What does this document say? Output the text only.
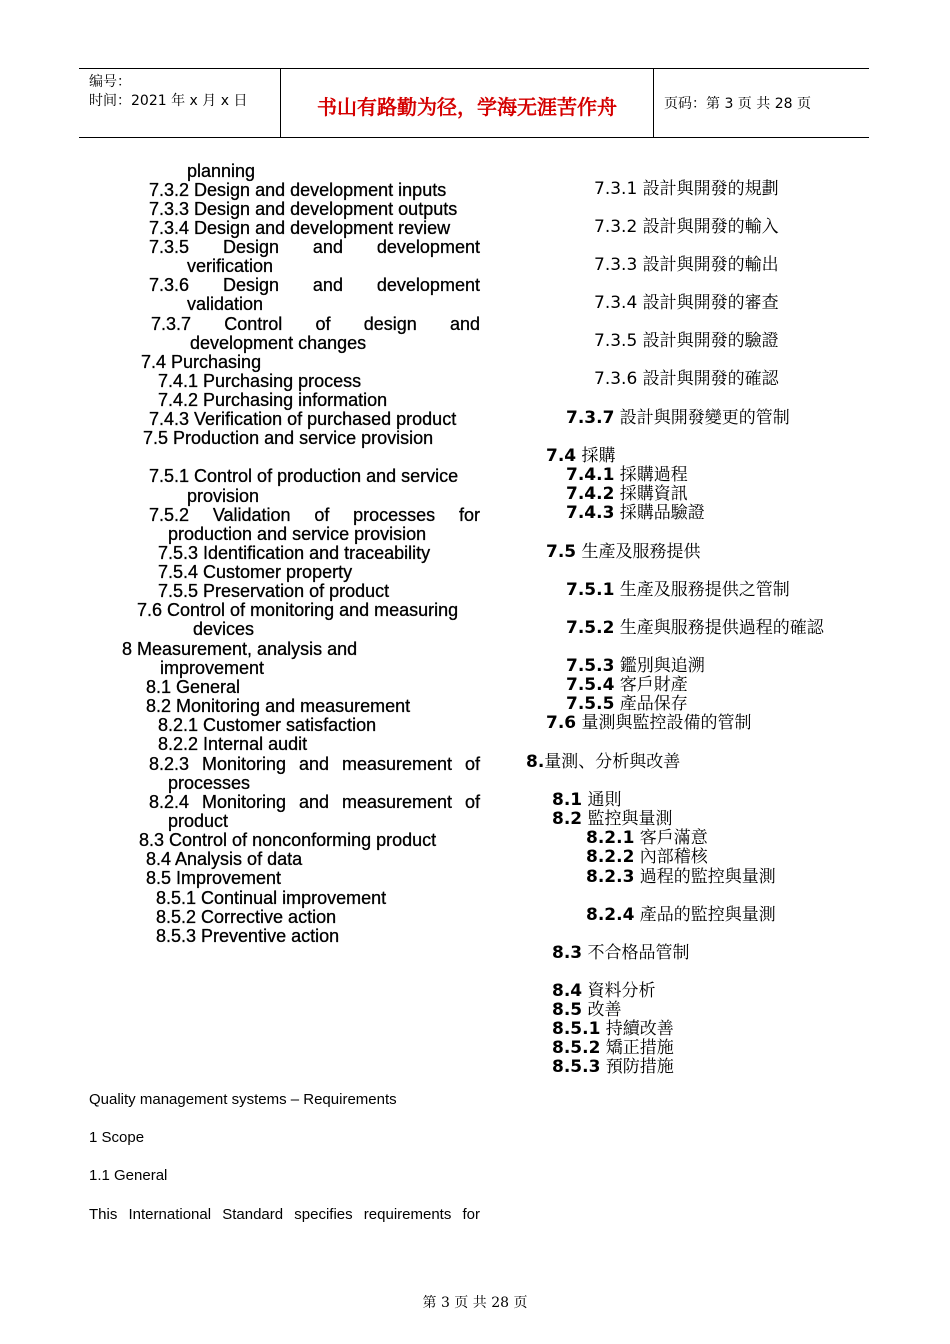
编号：
时间：2021 年 x 月 x 日	书山有路勤为径，学海无涯苦作舟	页码：第 3 页 共 28 页
planning
7.3.2 Design and development inputs
7.3.3 Design and development outputs
7.3.4 Design and development review
7.3.5 Design and development
verification
7.3.6 Design and development
validation
7.3.7 Control of design and
development changes
7.4 Purchasing
7.4.1 Purchasing process
7.4.2 Purchasing information
7.4.3 Verification of purchased product
7.5 Production and service provision
7.5.1 Control of production and service
provision
7.5.2 Validation of processes for
production and service provision
7.5.3 Identification and traceability
7.5.4 Customer property
7.5.5 Preservation of product
7.6 Control of monitoring and measuring
devices
8 Measurement, analysis and
improvement
8.1 General
8.2 Monitoring and measurement
8.2.1 Customer satisfaction
8.2.2 Internal audit
8.2.3 Monitoring and measurement of
processes
8.2.4 Monitoring and measurement of
product
8.3 Control of nonconforming product
8.4 Analysis of data
8.5 Improvement
8.5.1 Continual improvement
8.5.2 Corrective action
8.5.3 Preventive action
7.3.1 設計與開發的規劃
7.3.2 設計與開發的輸入
7.3.3 設計與開發的輸出
7.3.4 設計與開發的審查
7.3.5 設計與開發的驗證
7.3.6 設計與開發的確認
7.3.7 設計與開發變更的管制
7.4 採購
7.4.1 採購過程
7.4.2 採購資訊
7.4.3 採購品驗證
7.5 生產及服務提供
7.5.1 生產及服務提供之管制
7.5.2 生產與服務提供過程的確認
7.5.3 鑑別與追溯
7.5.4 客戶財產
7.5.5 產品保存
7.6 量測與監控設備的管制
8.量測、分析與改善
8.1 通則
8.2 監控與量測
8.2.1 客戶滿意
8.2.2 內部稽核
8.2.3 過程的監控與量測
8.2.4 產品的監控與量測
8.3 不合格品管制
8.4 資料分析
8.5 改善
8.5.1 持續改善
8.5.2 矯正措施
8.5.3 預防措施
Quality management systems – Requirements
1 Scope
1.1 General
This International Standard specifies requirements for
第 3 页 共 28 页
